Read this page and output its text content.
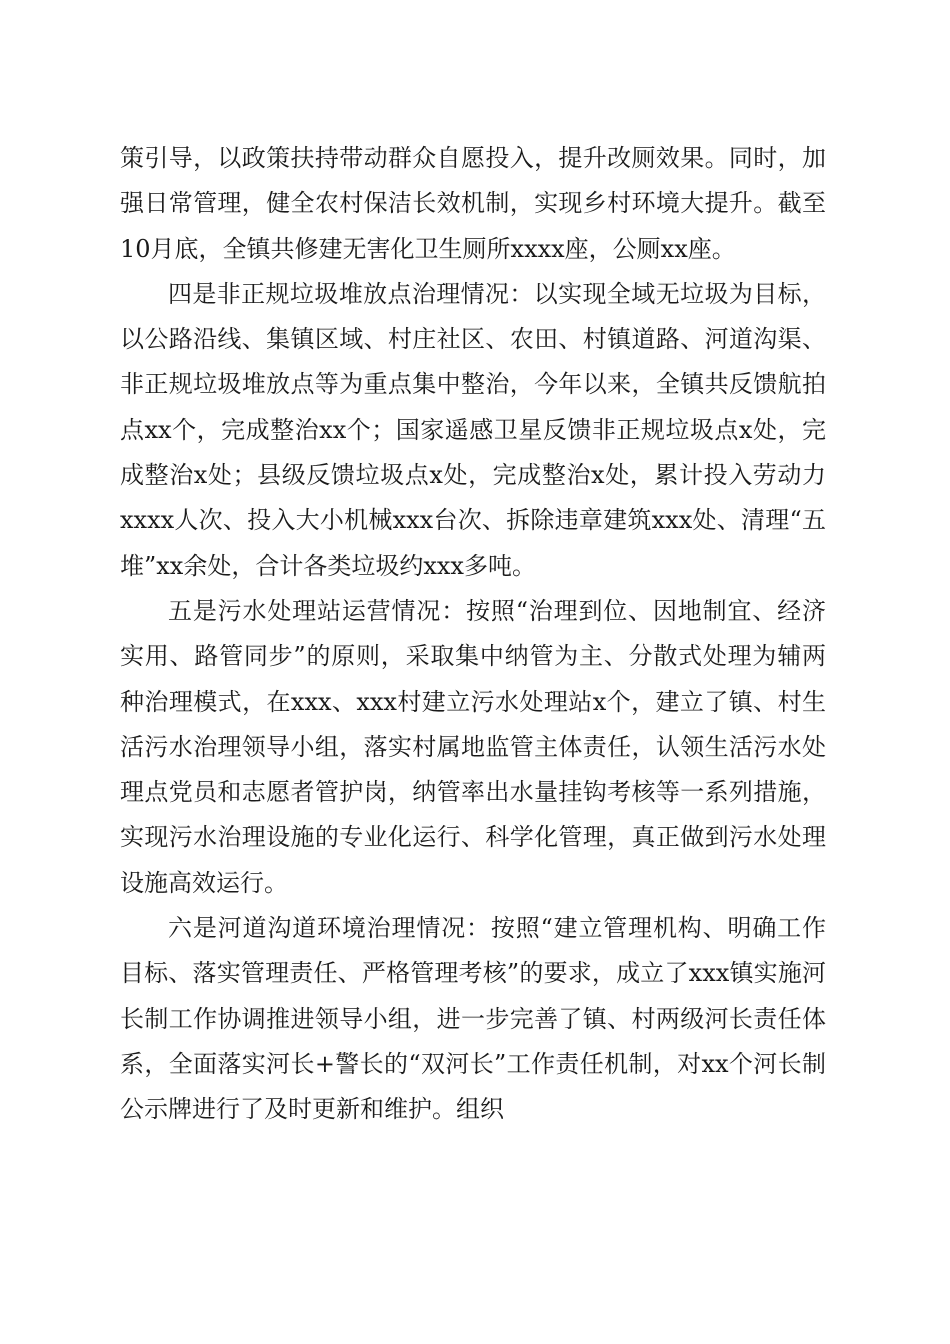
策引导，以政策扶持带动群众自愿投入，提升改厕效果。同时，加强日常管理，健全农村保洁长效机制，实现乡村环境大提升。截至10月底，全镇共修建无害化卫生厕所xxxx座，公厕xx座。

四是非正规垃圾堆放点治理情况：以实现全域无垃圾为目标，以公路沿线、集镇区域、村庄社区、农田、村镇道路、河道沟渠、非正规垃圾堆放点等为重点集中整治，今年以来，全镇共反馈航拍点xx个，完成整治xx个；国家遥感卫星反馈非正规垃圾点x处，完成整治x处；县级反馈垃圾点x处，完成整治x处，累计投入劳动力xxxx人次、投入大小机械xxx台次、拆除违章建筑xxx处、清理“五堆”xx余处，合计各类垃圾约xxx多吨。

五是污水处理站运营情况：按照“治理到位、因地制宜、经济实用、路管同步”的原则，采取集中纳管为主、分散式处理为辅两种治理模式，在xxx、xxx村建立污水处理站x个，建立了镇、村生活污水治理领导小组，落实村属地监管主体责任，认领生活污水处理点党员和志愿者管护岗，纳管率出水量挂钩考核等一系列措施，实现污水治理设施的专业化运行、科学化管理，真正做到污水处理设施高效运行。

六是河道沟道环境治理情况：按照“建立管理机构、明确工作目标、落实管理责任、严格管理考核”的要求，成立了xxx镇实施河长制工作协调推进领导小组，进一步完善了镇、村两级河长责任体系，全面落实河长+警长的“双河长”工作责任机制，对xx个河长制公示牌进行了及时更新和维护。组织
